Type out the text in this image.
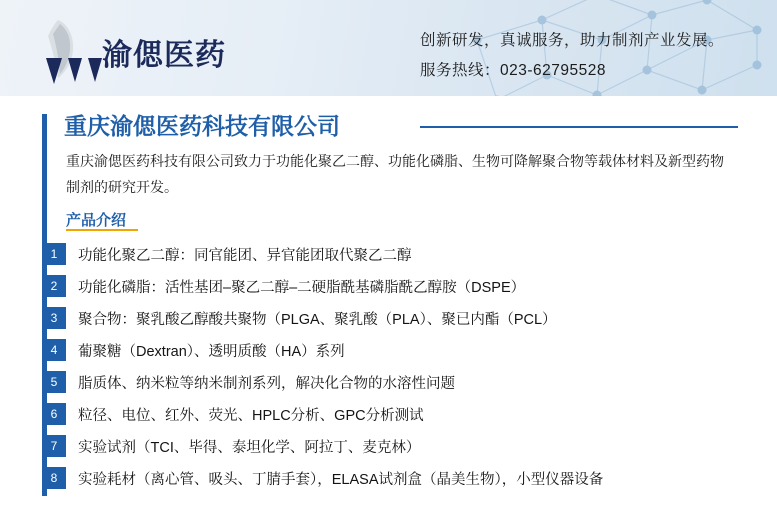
渝偲医药	创新研发，真诚服务，助力制剂产业发展。
服务热线：023-62795528
重庆渝偲医药科技有限公司
重庆渝偲医药科技有限公司致力于功能化聚乙二醇、功能化磷脂、生物可降解聚合物等载体材料及新型药物制剂的研究开发。
产品介绍
1	功能化聚乙二醇：同官能团、异官能团取代聚乙二醇
2	功能化磷脂：活性基团–聚乙二醇–二硬脂酰基磷脂酰乙醇胺（DSPE）
3	聚合物：聚乳酸乙醇酸共聚物（PLGA、聚乳酸（PLA）、聚已内酯（PCL）
4	葡聚糖（Dextran）、透明质酸（HA）系列
5	脂质体、纳米粒等纳米制剂系列，解决化合物的水溶性问题
6	粒径、电位、红外、荧光、HPLC分析、GPC分析测试
7	实验试剂（TCI、毕得、泰坦化学、阿拉丁、麦克林）
8	实验耗材（离心管、吸头、丁腈手套），ELASA试剂盒（晶美生物），小型仪器设备
